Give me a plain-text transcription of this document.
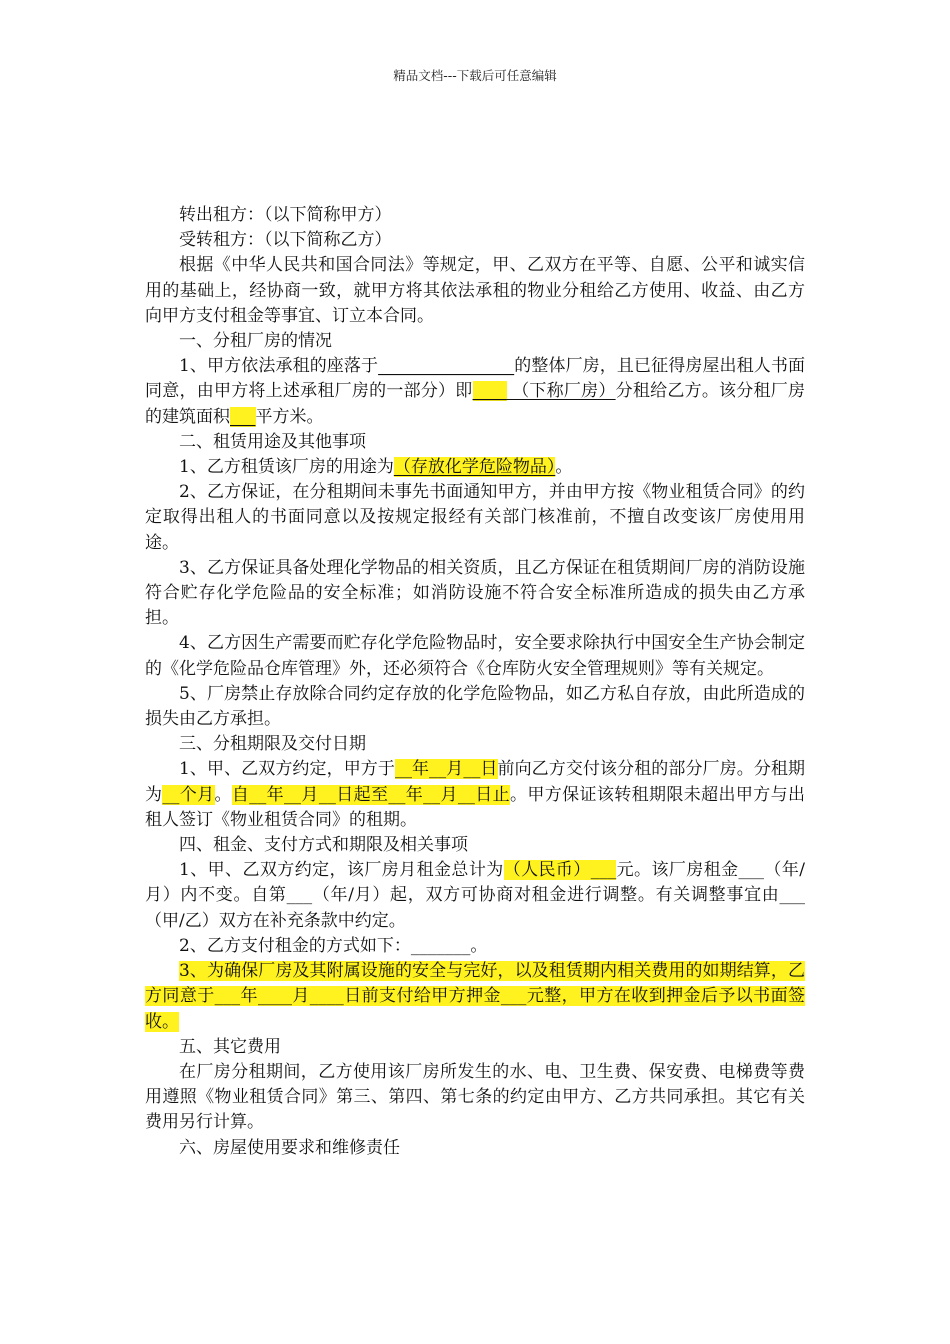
精品文档---下载后可任意编辑

转出租方：（以下简称甲方）

受转租方：（以下简称乙方）

根据《中华人民共和国合同法》等规定，甲、乙双方在平等、自愿、公平和诚实信用的基础上，经协商一致，就甲方将其依法承租的物业分租给乙方使用、收益、由乙方向甲方支付租金等事宜、订立本合同。

一、分租厂房的情况

1、甲方依法承租的座落于________________的整体厂房，且已征得房屋出租人书面同意，由甲方将上述承租厂房的一部分）即____ （下称厂房）分租给乙方。该分租厂房的建筑面积___平方米。

二、租赁用途及其他事项

1、乙方租赁该厂房的用途为（存放化学危险物品）。

2、乙方保证，在分租期间未事先书面通知甲方，并由甲方按《物业租赁合同》的约定取得出租人的书面同意以及按规定报经有关部门核准前，不擅自改变该厂房使用用途。

3、乙方保证具备处理化学物品的相关资质，且乙方保证在租赁期间厂房的消防设施符合贮存化学危险品的安全标准；如消防设施不符合安全标准所造成的损失由乙方承担。

4、乙方因生产需要而贮存化学危险物品时，安全要求除执行中国安全生产协会制定的《化学危险品仓库管理》外，还必须符合《仓库防火安全管理规则》等有关规定。

5、厂房禁止存放除合同约定存放的化学危险物品，如乙方私自存放，由此所造成的损失由乙方承担。

三、分租期限及交付日期

1、甲、乙双方约定，甲方于__年__月__日前向乙方交付该分租的部分厂房。分租期为__个月。自__年__月__日起至__年__月__日止。甲方保证该转租期限未超出甲方与出租人签订《物业租赁合同》的租期。

四、租金、支付方式和期限及相关事项

1、甲、乙双方约定，该厂房月租金总计为（人民币）___元。该厂房租金___（年/月）内不变。自第___（年/月）起，双方可协商对租金进行调整。有关调整事宜由___（甲/乙）双方在补充条款中约定。

2、乙方支付租金的方式如下：_______。

3、为确保厂房及其附属设施的安全与完好，以及租赁期内相关费用的如期结算，乙方同意于___年____月____日前支付给甲方押金___元整，甲方在收到押金后予以书面签收。

五、其它费用

在厂房分租期间，乙方使用该厂房所发生的水、电、卫生费、保安费、电梯费等费用遵照《物业租赁合同》第三、第四、第七条的约定由甲方、乙方共同承担。其它有关费用另行计算。

六、房屋使用要求和维修责任
